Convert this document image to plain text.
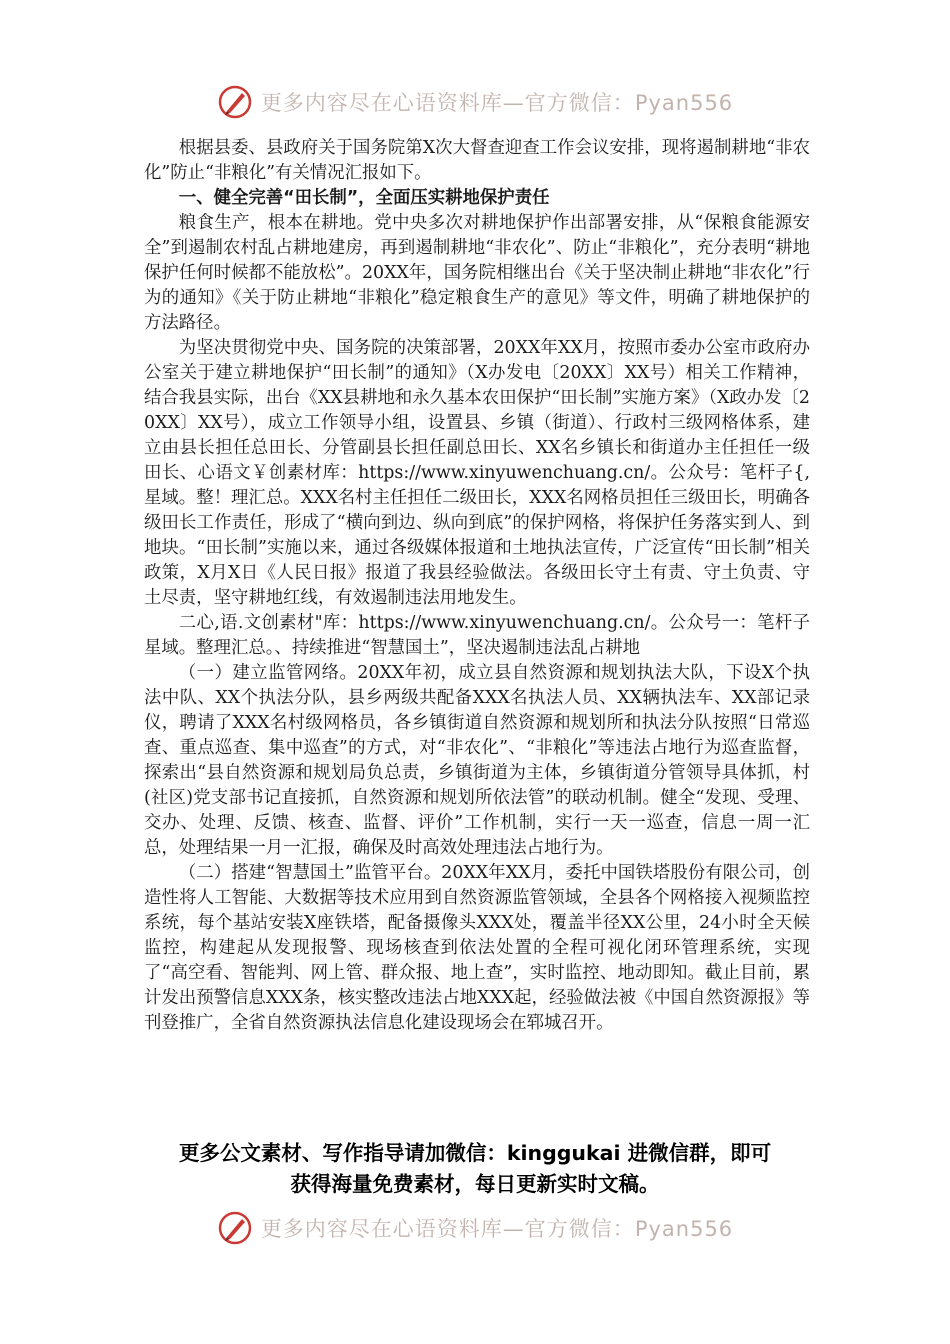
更多内容尽在心语资料库—官方微信：Pyan556

根据县委、县政府关于国务院第X次大督查迎查工作会议安排，现将遏制耕地“非农化”防止“非粮化”有关情况汇报如下。

一、健全完善“田长制”，全面压实耕地保护责任

粮食生产，根本在耕地。党中央多次对耕地保护作出部署安排，从“保粮食能源安全”到遏制农村乱占耕地建房，再到遏制耕地“非农化”、防止“非粮化”，充分表明“耕地保护任何时候都不能放松”。20XX年，国务院相继出台《关于坚决制止耕地“非农化”行为的通知》《关于防止耕地“非粮化”稳定粮食生产的意见》等文件，明确了耕地保护的方法路径。

为坚决贯彻党中央、国务院的决策部署，20XX年XX月，按照市委办公室市政府办公室关于建立耕地保护“田长制”的通知》（X办发电〔20XX〕XX号）相关工作精神，结合我县实际，出台《XX县耕地和永久基本农田保护“田长制”实施方案》（X政办发〔20XX〕XX号），成立工作领导小组，设置县、乡镇（街道）、行政村三级网格体系，建立由县长担任总田长、分管副县长担任副总田长、XX名乡镇长和街道办主任担任一级田长、心语文￥创素材库：https://www.xinyuwenchuang.cn/。公众号：笔杆子{,星域。整！理汇总。XXX名村主任担任二级田长，XXX名网格员担任三级田长，明确各级田长工作责任，形成了“横向到边、纵向到底”的保护网格，将保护任务落实到人、到地块。“田长制”实施以来，通过各级媒体报道和土地执法宣传，广泛宣传“田长制”相关政策，X月X日《人民日报》报道了我县经验做法。各级田长守土有责、守土负责、守土尽责，坚守耕地红线，有效遏制违法用地发生。

二心,语.文创素材"库：https://www.xinyuwenchuang.cn/。公众号一：笔杆子星域。整理汇总。、持续推进“智慧国土”，坚决遏制违法乱占耕地

（一）建立监管网络。20XX年初，成立县自然资源和规划执法大队，下设X个执法中队、XX个执法分队，县乡两级共配备XXX名执法人员、XX辆执法车、XX部记录仪，聘请了XXX名村级网格员，各乡镇街道自然资源和规划所和执法分队按照“日常巡查、重点巡查、集中巡查”的方式，对“非农化”、“非粮化”等违法占地行为巡查监督，探索出“县自然资源和规划局负总责，乡镇街道为主体，乡镇街道分管领导具体抓，村(社区)党支部书记直接抓，自然资源和规划所依法管”的联动机制。健全“发现、受理、交办、处理、反馈、核查、监督、评价”工作机制，实行一天一巡查，信息一周一汇总，处理结果一月一汇报，确保及时高效处理违法占地行为。

（二）搭建“智慧国土”监管平台。20XX年XX月，委托中国铁塔股份有限公司，创造性将人工智能、大数据等技术应用到自然资源监管领域，全县各个网格接入视频监控系统，每个基站安装X座铁塔，配备摄像头XXX处，覆盖半径XX公里，24小时全天候监控，构建起从发现报警、现场核查到依法处置的全程可视化闭环管理系统，实现了“高空看、智能判、网上管、群众报、地上查”，实时监控、地动即知。截止目前，累计发出预警信息XXX条，核实整改违法占地XXX起，经验做法被《中国自然资源报》等刊登推广，全省自然资源执法信息化建设现场会在郓城召开。

更多公文素材、写作指导请加微信：kinggukai 进微信群，即可
获得海量免费素材，每日更新实时文稿。
更多内容尽在心语资料库—官方微信：Pyan556
